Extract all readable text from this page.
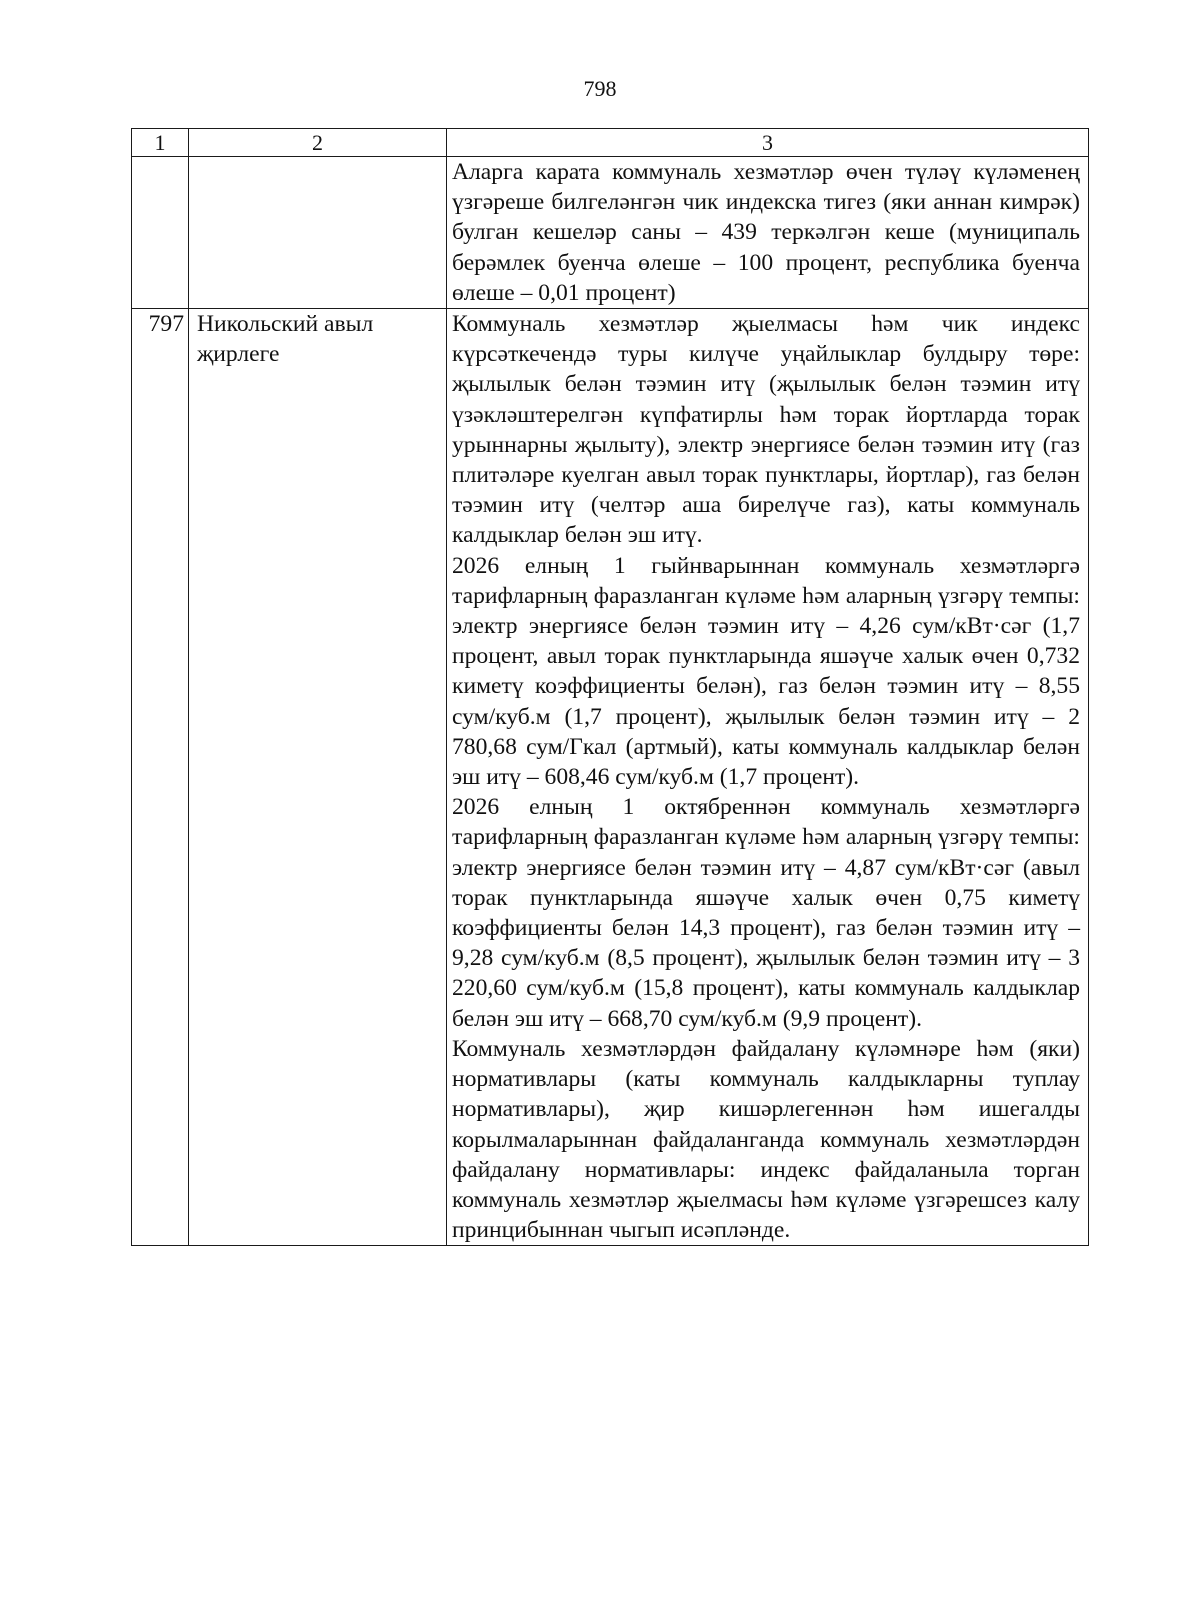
798
1	2	3

		Аларга карата коммуналь хезмәтләр өчен түләү күләменең үзгәреше билгеләнгән чик индекска тигез (яки аннан кимрәк) булган кешеләр саны – 439 теркәлгән кеше (муниципаль берәмлек буенча өлеше – 100 процент, республика буенча өлеше – 0,01 процент)

797	Никольский авыл җирлеге	Коммуналь хезмәтләр җыелмасы һәм чик индекс күрсәткечендә туры килүче уңайлыклар булдыру төре: җылылык белән тәэмин итү (җылылык белән тәэмин итү үзәкләштерелгән күпфатирлы һәм торак йортларда торак урыннарны җылыту), электр энергиясе белән тәэмин итү (газ плитәләре куелган авыл торак пунктлары, йортлар), газ белән тәэмин итү (челтәр аша бирелүче газ), каты коммуналь калдыклар белән эш итү.

2026 елның 1 гыйнварыннан коммуналь хезмәтләргә тарифларның фаразланган күләме һәм аларның үзгәрү темпы: электр энергиясе белән тәэмин итү – 4,26 сум/кВт·сәг (1,7 процент, авыл торак пунктларында яшәүче халык өчен 0,732 киметү коэффициенты белән), газ белән тәэмин итү – 8,55 сум/куб.м (1,7 процент), җылылык белән тәэмин итү – 2 780,68 сум/Гкал (артмый), каты коммуналь калдыклар белән эш итү – 608,46 сум/куб.м (1,7 процент).

2026 елның 1 октябреннән коммуналь хезмәтләргә тарифларның фаразланган күләме һәм аларның үзгәрү темпы: электр энергиясе белән тәэмин итү – 4,87 сум/кВт·сәг (авыл торак пунктларында яшәүче халык өчен 0,75 киметү коэффициенты белән 14,3 процент), газ белән тәэмин итү – 9,28 сум/куб.м (8,5 процент), җылылык белән тәэмин итү – 3 220,60 сум/куб.м (15,8 процент), каты коммуналь калдыклар белән эш итү – 668,70 сум/куб.м (9,9 процент).

Коммуналь хезмәтләрдән файдалану күләмнәре һәм (яки) нормативлары (каты коммуналь калдыкларны туплау нормативлары), җир кишәрлегеннән һәм ишегалды корылмаларыннан файдаланганда коммуналь хезмәтләрдән файдалану нормативлары: индекс файдаланыла торган коммуналь хезмәтләр җыелмасы һәм күләме үзгәрешсез калу принцибыннан чыгып исәпләнде.
